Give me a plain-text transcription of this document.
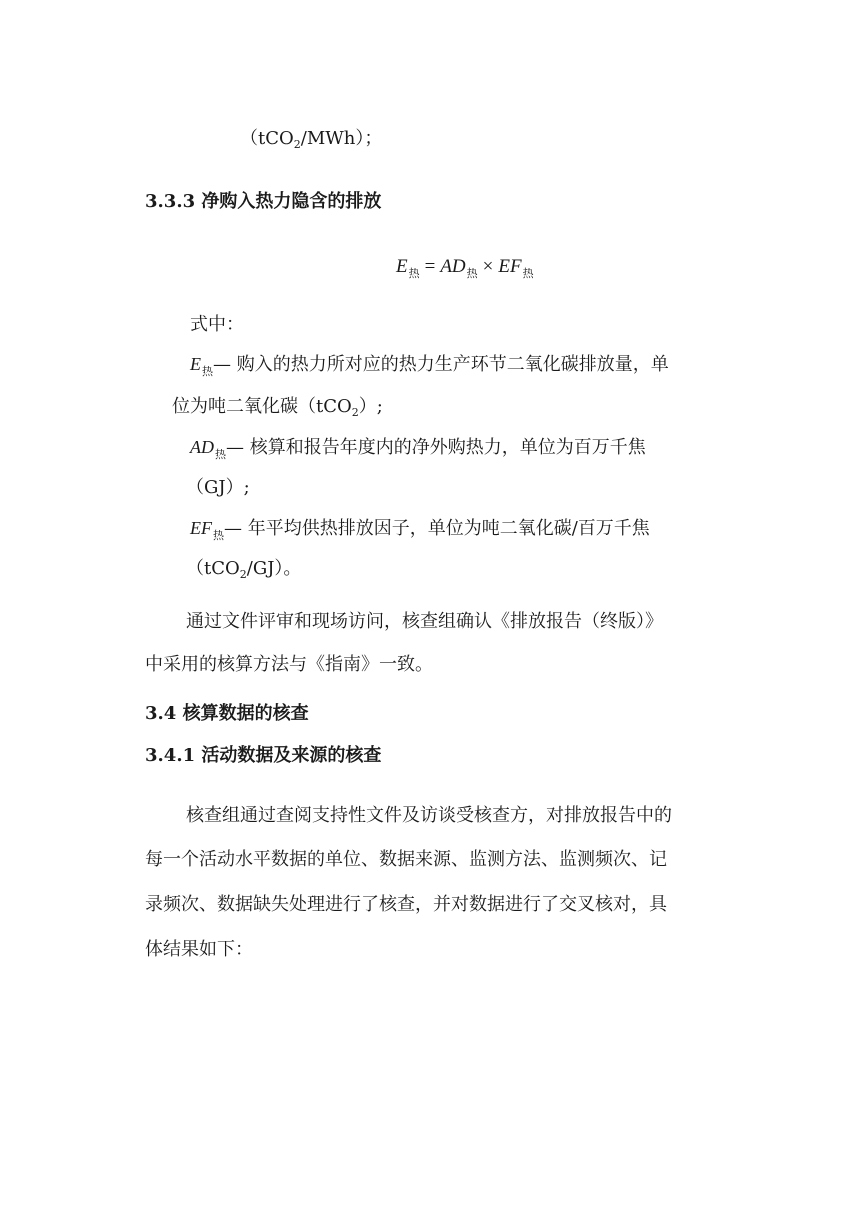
（tCO$_2$/MWh）；
3.3.3 净购入热力隐含的排放
$E_热 = AD_热 \times EF_热$
式中：
$E_热—$ 购入的热力所对应的热力生产环节二氧化碳排放量，单
位为吨二氧化碳（tCO$_2$）;
$AD_热—$ 核算和报告年度内的净外购热力，单位为百万千焦
（GJ）;
$EF_热—$ 年平均供热排放因子，单位为吨二氧化碳/百万千焦
（tCO$_2$/GJ）。
通过文件评审和现场访问，核查组确认《排放报告（终版）》
中采用的核算方法与《指南》一致。
3.4 核算数据的核查
3.4.1 活动数据及来源的核查
核查组通过查阅支持性文件及访谈受核查方，对排放报告中的
每一个活动水平数据的单位、数据来源、监测方法、监测频次、记
录频次、数据缺失处理进行了核查，并对数据进行了交叉核对，具
体结果如下：
